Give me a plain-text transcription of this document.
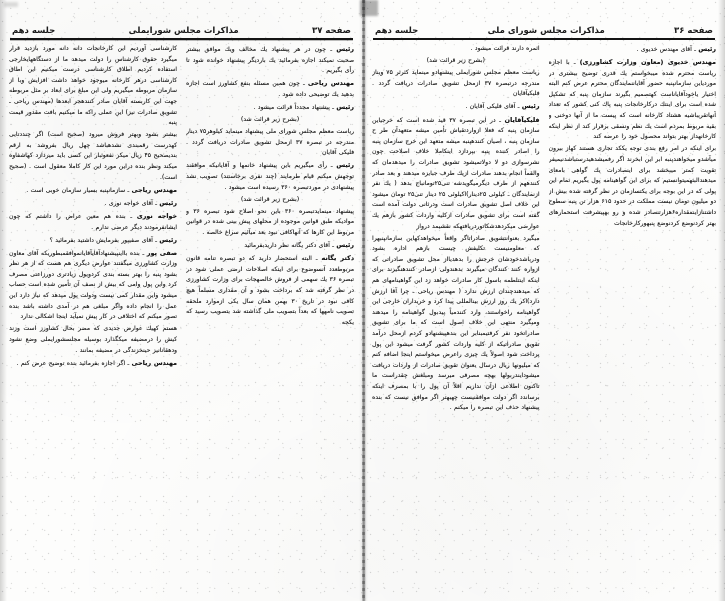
صفحه ۳۷
مذاکرات مجلس شورایملی
جلسه دهم

رئیس ـ چون در هر پیشنهاد یك مخالف ویك موافق بیشتر صحبت نمیكند اجازه بفرمائید یك باردیگر پیشنهاد خوانده شود تا رأی بگیریم .

مهندس ریاحی ـ چون همین مسئله بنفع كشاورز است اجازه بدهید یك توضیحی داده شود .

رئیس ـ پیشنهاد مجدداً قرائت میشود .

(بشرح زیر قرائت شد)

ریاست معظم مجلس شورای ملی پیشنهاد مینماید كیلوهر۷۵ دینار مندرجه در تبصره ۳۷ ازمحل تشویق صادرات دریافت گردد . فلیكی آقایان

رئیس ـ رأی میگیریم باین پیشنهاد خانمها و آقایانیكه موافقند توجهش میكنم قیام طرمایند (چند نفری برخاستند) تصویب نشد پیشنهادی در موردتبصره ۳۶۰ رسیده است میشود .

(بشرح زیر قرائت شد)

پیشنهاد مینمایدتبصره ۳۶۰ باین نحو اصلاح شود تبصره ۳۶ و موادیكه طبق قوانین موجوده از محلهای پیش بینی شده در قوانین مربوط این كارها كه آنهاكافی نبود بعد میآئیم سراغ خالصه .

رئیس ـ آقای دكتر یگانه نظر داریدبفرمائید

دكتر یگانه ـ البته استحضار دارید كه دو تبصره تنامه قانون مربوطعدد آنسوضوع برای اینكه اصلاحات ارضی عملی شود در تبصره ۳۶ یك سهمی از فروش خالصهجات برای وزارت كشاورزی در نظر گرفته شد كه برداخت بشود و آن مقداری مسلماً هیچ كافی نبود در تاریخ ۳۰ بهمن همان سال یكی ازموارد ملحقه تصویب نامهها كه بعداً بتصویب ملی گذاشته شد بتصویب رسید كه یكجه

كارشناسی آوردیم این كارخانجات دانه دانه مورد بازدید قرار میگیرد حقوق كارشناس را دولت میدهد ما از دستگاههایخارجی استفاده كردیم اطلاق كارشناسی درست میكنیم این اطاق كارشناسی درهر كارخانه میوجود خواهد داشت افزایش وبا از سازمان مربوطه میگیریم ولی این مبلغ برای ابعاد بر مثل مربوطه جهت این كاربسته آقایان صادر كنندهجر ابعدها (مهندس ریاحی ـ تشویق صادرات نیز) این عملی راكه ما میكنیم بافت مقدور قیمت پنبه

بیشتر بشود وبهتر فروش میرود (صحیح است) اگر چنددتایی كهدرست رقمبندی نشدهباشد چهل ریال بفروشد به ارقم بندیصحیح ۴۵ ریال میكر نفعوثبار این كسی باید میردازد كهاشفاوه میكند ونظر بنده دراین مورد این كار كاملا معقول است . (صحیح است).

مهندس ریاحی ـ سازمانپنبه بسیار سازمان خوبی است .

رئیس ـ آقای خواجه نوری .

خواجه نوری ـ بنده هم معین عراض را داشتم كه چون ایشانفرمودند دیگر عرضی ندارم .

رئیس ـ آقای صفیپور بفرمایش داشتید بفرمائید ؟

صفی پور ـ بنده بااینپیشنهادآقایآقایانموافقمبطوریكه آقای معاون وزارت كشاورزی میگفتند عوارض دیگری هم هست كه از هر نظر بشود پنبه را بهتر بسته بندی كردویول زیادتری دورزاعتی مصرف كرد واین پول وامی كه بیش از نصف آن تأمین شده است حساب میشود واین مقدار كمی نیست ودولت پول میدهد كه نیاز دارد این عمل را انجام داده واگر مبلغی هم در آمدی داشته باشد بنده تصور میكنم كه اختلافی در كار پیش نمیآید اینجا اشكالی ندارد

هستم كهیك عوارض جدیدی كه مضر بحال كشاورز است وزند كیش را درمضیفه میكگذارد بوسیله مجلسشورایملی وضع نشود ودهقانانیز حینخزندگی در مضیفه بمانند .

مهندس ریاحی ـ اگر اجازه بفرمائید بنده توضیح عرض كنم .

صفحه ۳۶
مذاكرات مجلس شورای ملی
جلسه دهم

رئیس ـ آقای مهندس خدیوی .

مهندس خدیوی (معاون وزارت كشاورزی) ـ با اجازه ریاست محترم شده میبخواستم یك قدری توضیح بیشتری در موردیاین سازمانپنبه حضور آقایاننمایندگان محترم عرض كنم البته اختیار یاخودآقایاناست كهتصمیم بگیرند سازمان پنبه كه تشكیل شده است برای اینتك دركارخانجات پنبه پاك كنی كشور كه تعداد آنهاتقریباشیه هشتاد كارخانه است كه پیست ما از آنها دوخنی و بقیه مربوط بمردم است یك نظم ونسقی برقرار كند از نظر اینكه كارخانهدار بهتر بتواند محصول خود را عرضه كند

برای اینكه در امر رفع بندی توجه یككد تجاری هستند كهاز بیرون میآشدو میخواهندپنبه ابر این ابخرند اگر رفمیشدهیدرستباشدنیمیفر تقویت كمتر میبخشد برای اینصادرات یك گواهی بامعای میدهندالبتهمیتوانستیم كه برای این گواهینامه پول بگیریم تمام این پولی كه در این بوجه برای یكتسازمان در نظر گرفته شده بیش از دو میلیون تومان نیست مملكت در حدود ۶۱۵ هزار تن پنبه سطوح داشتنازاینمقداره۶هزارتنصادر شده و رو بهپیشرفت استحمارهای بهتر كردنوضع كردنوضع پنبهوركارخانجات

اثمره دارند قرائت میشود .

(بشرح زیر قرائت شد)

ریاست معظم مجلس شورایملی پیشنهادو مینماید كثرثر ۷۵ ویناز مندرجه درتبصره ۳۷ ازمحل تشویق صادرات دریافت گردد . فلیكیآقایان

رئیس ـ آقای فلیكی آقایان .

فلیكیآقایان ـ در این تبصره ۳۷ قید شده است كه خرجیاین سازمان پنبه كه فعلا ازواردتقیاش تأمین میشه متعهدآن طر ح سازمان پنبه ، اصیان كنندهپنبه میشه متعهد این خرج سازمان پنبه را اصادر كننده پنبه بپردازد اینكاملا خلاف اصلاحت چون نشرسوازی دو لا دولاتمیشود تشویق صادرات را میدهدمان كه والقماً انجام بدهند صادرات ازیك طرف جبایزه میدهند و بعد صادر كنندههم از طرف دیگرمیگویدشه تنی۲۵تومانباج بدهد ( یك نفر ازنمایندگان ـ كیلوئی ۲۵دینار)اكیلوئی ۲۵ دینار تنی۲۵ تومان میشود این خلاف اصل تشویق صادرات است ودرثانی دولت آمده است گفته است برای تشویق صادرات ازكلیه واردات كشور بازهم یك عوارضی میكردهدشكاتوردریافتهكه نقشیمد درواز

میگیرد بعنوانتشویق صادراتاگر واقعاً میخواهدكهاین سازمانپنبهرا كه معلومنیست تكلیفش چیست بازهم اداره بشود ودرباشدخودشان خرجش را بدهدیااز محل تشویق صادراتی كه ازواره كنند كنندگان میگیرند بدهندولی ازصادر كنندهنگیرند برای اینكه اینتلطمه باسول كار صادرات خواهد زد این گواهینامهای هم كه میدهندچندان ارزش ندارد ( مهندس ریاحی ـ چرا آقا ارزش دارد)اكر یك روز ارزش بینالمللی پیدا كرد و خریداران خارجی این گواهینامه راخواستند، وارد كنندمیاً پیدبول گواهینامه را میدهند ومیگیرد منتهی این خلاف اصول است كه ما برای تشویق صادراتخود نفر كرفتیمبنابر این بندهپیشنهادو كردم ازمحل درآمد تقویق صادراتیكه از كلیه واردات كشور گرفت میشود این پول پرداخت شود اصولاً یك چیزی راعرض میخواستم اینجا اضافه كنم كه میلیونها ریال درسال بعنوان تقویق صادرات از واردات دریافت میشودایندربولها بهچه مصرفی میرسد ومبلغش چقدراست ما تاكنون اطلاعی ازآن نداریم اقلاً آن پول را با بمصرف اینكه برساندد اگر دولت موافقنیست چهبهتر اگر موافق نیست كه بنده پیشنهاد حذف این تبصره را میكنم .
